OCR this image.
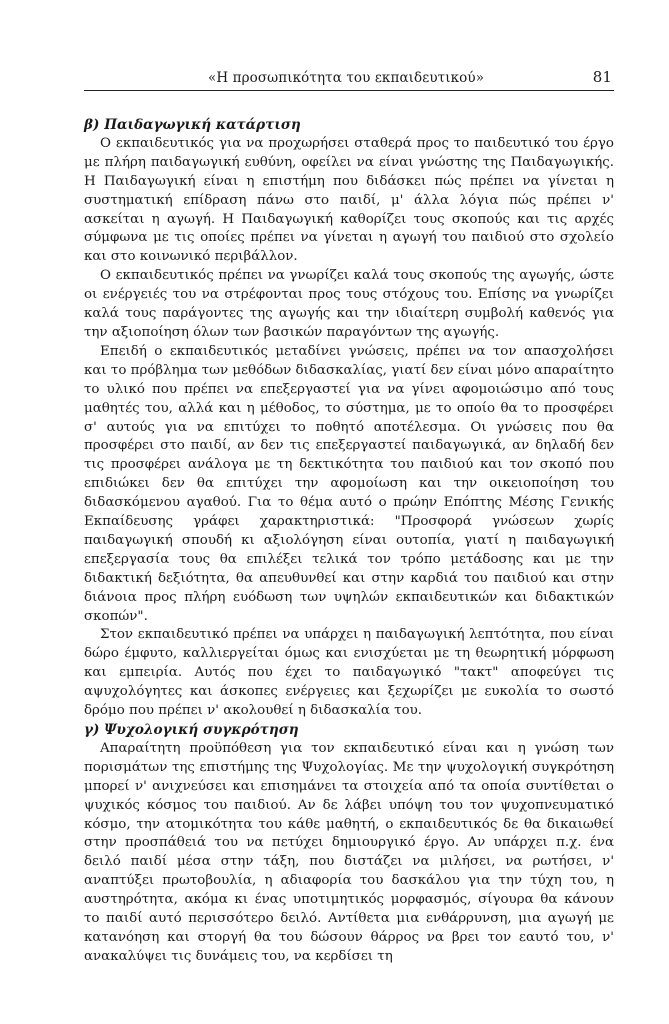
«Η προσωπικότητα του εκπαιδευτικού»	81
β) Παιδαγωγική κατάρτιση

Ο εκπαιδευτικός για να προχωρήσει σταθερά προς το παιδευτικό του έργο με πλήρη παιδαγωγική ευθύνη, οφείλει να είναι γνώστης της Παιδαγωγικής. Η Παιδαγωγική είναι η επιστήμη που διδάσκει πώς πρέπει να γίνεται η συστηματική επίδραση πάνω στο παιδί, μ' άλλα λόγια πώς πρέπει ν' ασκείται η αγωγή. Η Παιδαγωγική καθορίζει τους σκοπούς και τις αρχές σύμφωνα με τις οποίες πρέπει να γίνεται η αγωγή του παιδιού στο σχολείο και στο κοινωνικό περιβάλλον.

Ο εκπαιδευτικός πρέπει να γνωρίζει καλά τους σκοπούς της αγωγής, ώστε οι ενέργειές του να στρέφονται προς τους στόχους του. Επίσης να γνωρίζει καλά τους παράγοντες της αγωγής και την ιδιαίτερη συμβολή καθενός για την αξιοποίηση όλων των βασικών παραγόντων της αγωγής.

Επειδή ο εκπαιδευτικός μεταδίνει γνώσεις, πρέπει να τον απασχολήσει και το πρόβλημα των μεθόδων διδασκαλίας, γιατί δεν είναι μόνο απαραίτητο το υλικό που πρέπει να επεξεργαστεί για να γίνει αφομοιώσιμο από τους μαθητές του, αλλά και η μέθοδος, το σύστημα, με το οποίο θα το προσφέρει σ' αυτούς για να επιτύχει το ποθητό αποτέλεσμα. Οι γνώσεις που θα προσφέρει στο παιδί, αν δεν τις επεξεργαστεί παιδαγωγικά, αν δηλαδή δεν τις προσφέρει ανάλογα με τη δεκτικότητα του παιδιού και τον σκοπό που επιδιώκει δεν θα επιτύχει την αφομοίωση και την οικειοποίηση του διδασκόμενου αγαθού. Για το θέμα αυτό ο πρώην Επόπτης Μέσης Γενικής Εκπαίδευσης γράφει χαρακτηριστικά: "Προσφορά γνώσεων χωρίς παιδαγωγική σπουδή κι αξιολόγηση είναι ουτοπία, γιατί η παιδαγωγική επεξεργασία τους θα επιλέξει τελικά τον τρόπο μετάδοσης και με την διδακτική δεξιότητα, θα απευθυνθεί και στην καρδιά του παιδιού και στην διάνοια προς πλήρη ευόδωση των υψηλών εκπαιδευτικών και διδακτικών σκοπών".

Στον εκπαιδευτικό πρέπει να υπάρχει η παιδαγωγική λεπτότητα, που είναι δώρο έμφυτο, καλλιεργείται όμως και ενισχύεται με τη θεωρητική μόρφωση και εμπειρία. Αυτός που έχει το παιδαγωγικό "τακτ" αποφεύγει τις αψυχολόγητες και άσκοπες ενέργειες και ξεχωρίζει με ευκολία το σωστό δρόμο που πρέπει ν' ακολουθεί η διδασκαλία του.

γ) Ψυχολογική συγκρότηση

Απαραίτητη προϋπόθεση για τον εκπαιδευτικό είναι και η γνώση των πορισμάτων της επιστήμης της Ψυχολογίας. Με την ψυχολογική συγκρότηση μπορεί ν' ανιχνεύσει και επισημάνει τα στοιχεία από τα οποία συντίθεται ο ψυχικός κόσμος του παιδιού. Αν δε λάβει υπόψη του τον ψυχοπνευματικό κόσμο, την ατομικότητα του κάθε μαθητή, ο εκπαιδευτικός δε θα δικαιωθεί στην προσπάθειά του να πετύχει δημιουργικό έργο. Αν υπάρχει π.χ. ένα δειλό παιδί μέσα στην τάξη, που διστάζει να μιλήσει, να ρωτήσει, ν' αναπτύξει πρωτοβουλία, η αδιαφορία του δασκάλου για την τύχη του, η αυστηρότητα, ακόμα κι ένας υποτιμητικός μορφασμός, σίγουρα θα κάνουν το παιδί αυτό περισσότερο δειλό. Αντίθετα μια ενθάρρυνση, μια αγωγή με κατανόηση και στοργή θα του δώσουν θάρρος να βρει τον εαυτό του, ν' ανακαλύψει τις δυνάμεις του, να κερδίσει τη
